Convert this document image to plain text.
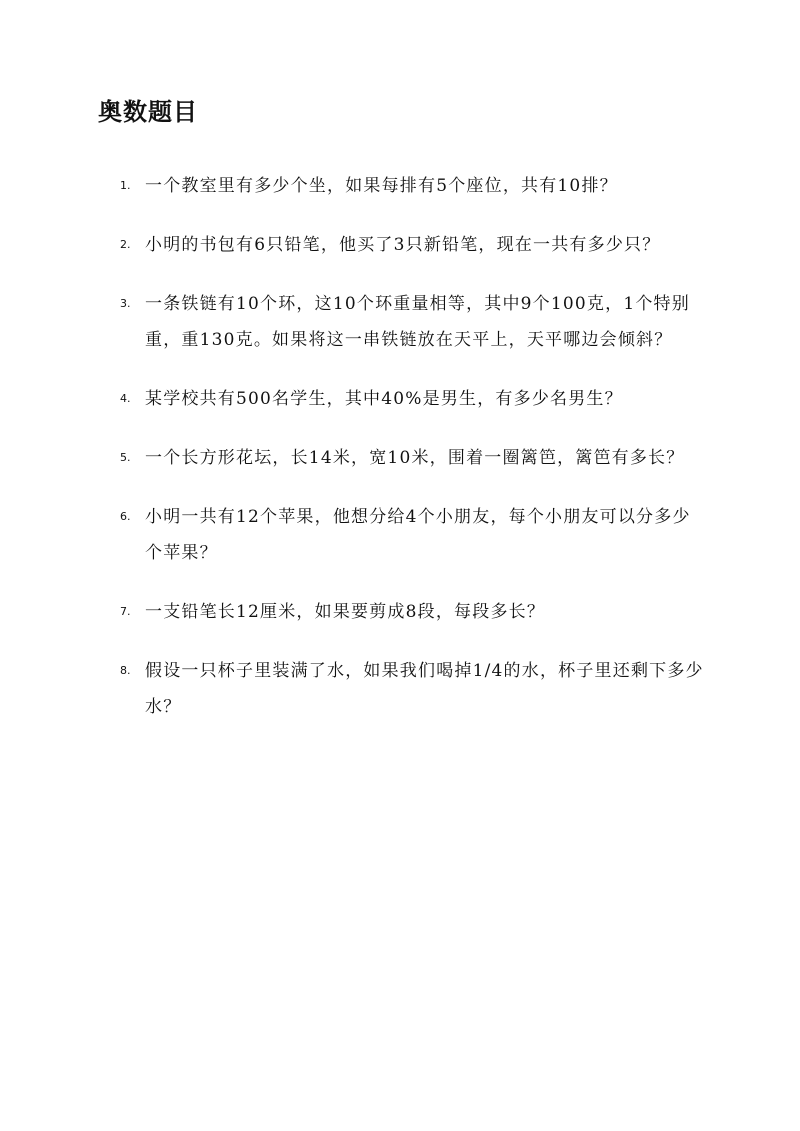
奥数题目
1. 一个教室里有多少个坐，如果每排有5个座位，共有10排？
2. 小明的书包有6只铅笔，他买了3只新铅笔，现在一共有多少只？
3. 一条铁链有10个环，这10个环重量相等，其中9个100克，1个特别重，重130克。如果将这一串铁链放在天平上，天平哪边会倾斜？
4. 某学校共有500名学生，其中40%是男生，有多少名男生？
5. 一个长方形花坛，长14米，宽10米，围着一圈篱笆，篱笆有多长？
6. 小明一共有12个苹果，他想分给4个小朋友，每个小朋友可以分多少个苹果？
7. 一支铅笔长12厘米，如果要剪成8段，每段多长？
8. 假设一只杯子里装满了水，如果我们喝掉1/4的水，杯子里还剩下多少水？
